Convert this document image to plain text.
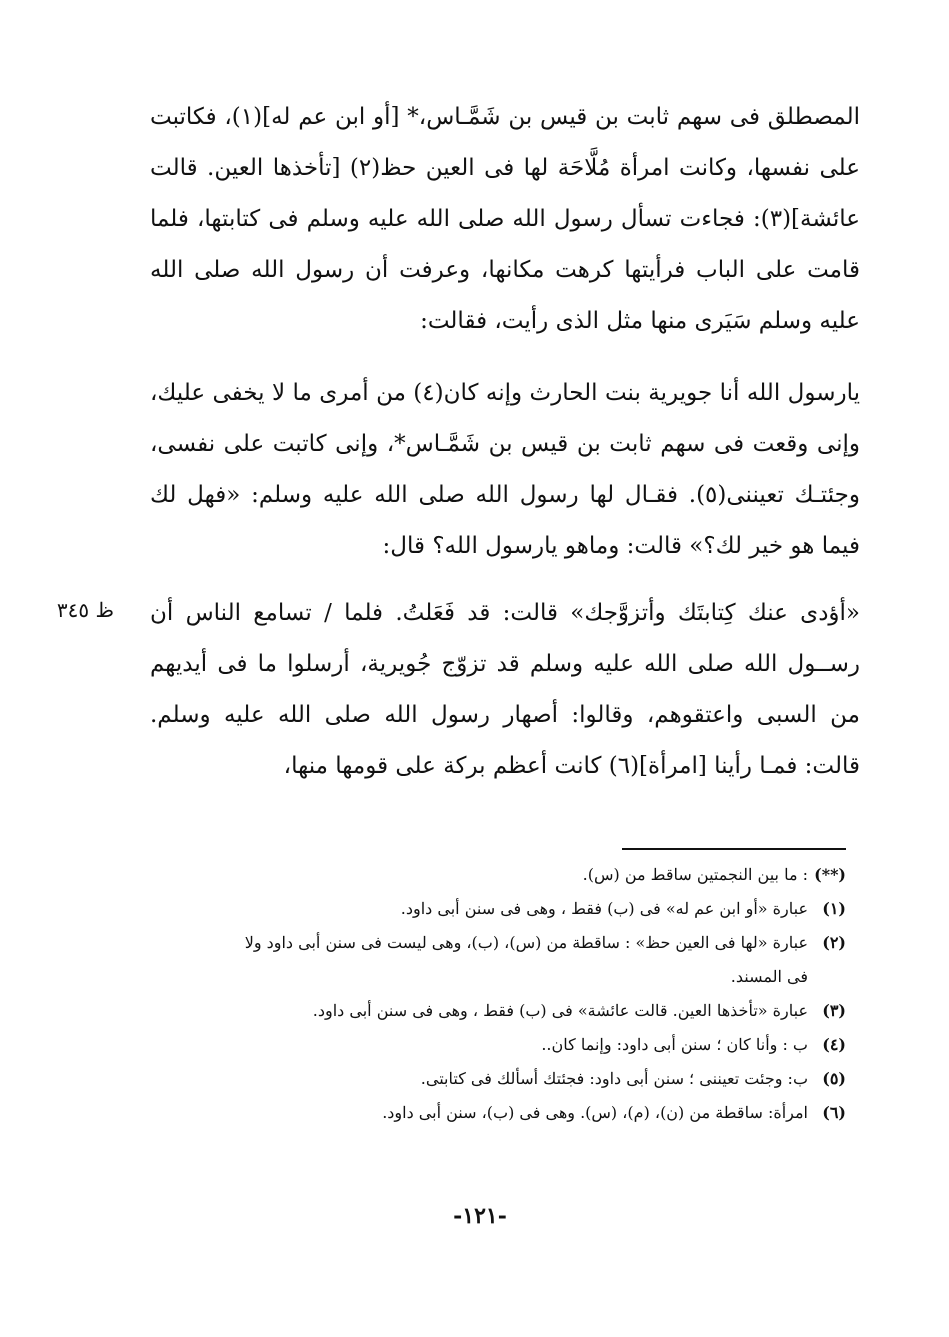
المصطلق فى سهم ثابت بن قيس بن شَمَّـاس،* [أو ابن عم له](١)، فكاتبت على نفسها، وكانت امرأة مُلَّاحَة لها فى العين حظ(٢) [تأخذها العين. قالت عائشة](٣): فجاءت تسأل رسول الله صلى الله عليه وسلم فى كتابتها، فلما قامت على الباب فرأيتها كرهت مكانها، وعرفت أن رسول الله صلى الله عليه وسلم سَيَرى منها مثل الذى رأيت، فقالت:

يارسول الله أنا جويرية بنت الحارث وإنه كان(٤) من أمرى ما لا يخفى عليك، وإنى وقعت فى سهم ثابت بن قيس بن شَمَّـاس*، وإنى كاتبت على نفسى، وجئتـك تعيننى(٥). فقـال لها رسول الله صلى الله عليه وسلم: «فهل لك فيما هو خير لك؟» قالت: وماهو يارسول الله؟ قال:

«أؤدى عنك كِتابتَك وأتزوَّجك» قالت: قد فَعَلتُ. فلما / تسامع الناس أن رســول الله صلى الله عليه وسلم قد تزوّج جُويرية، أرسلوا ما فى أيديهم من السبى واعتقوهم، وقالوا: أصهار رسول الله صلى الله عليه وسلم. قالت: فمـا رأينا [امرأة](٦) كانت أعظم بركة على قومها منها،

ظ ٣٤٥
(**)
: ما بين النجمتين ساقط من (س).
(١)
عبارة «أو ابن عم له» فى (ب) فقط ، وهى فى سنن أبى داود.
(٢)
عبارة «لها فى العين حظ» : ساقطة من (س)، (ب)، وهى ليست فى سنن أبى داود ولا فى المسند.
(٣)
عبارة «تأخذها العين. قالت عائشة» فى (ب) فقط ، وهى فى سنن أبى داود.
(٤)
ب : وأنا كان ؛ سنن أبى داود: وإنما كان..
(٥)
ب: وجئت تعيننى ؛ سنن أبى داود: فجئتك أسألك فى كتابتى.
(٦)
امرأة: ساقطة من (ن)، (م)، (س). وهى فى (ب)، سنن أبى داود.
-١٢١-
